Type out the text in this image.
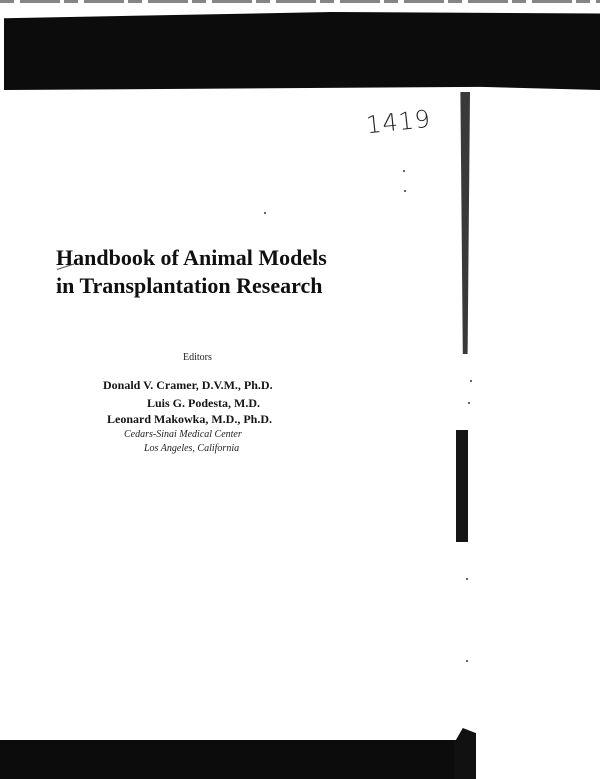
1419
Handbook of Animal Models
in Transplantation Research
Editors
Donald V. Cramer, D.V.M., Ph.D.
Luis G. Podesta, M.D.
Leonard Makowka, M.D., Ph.D.
Cedars-Sinai Medical Center
Los Angeles, California
